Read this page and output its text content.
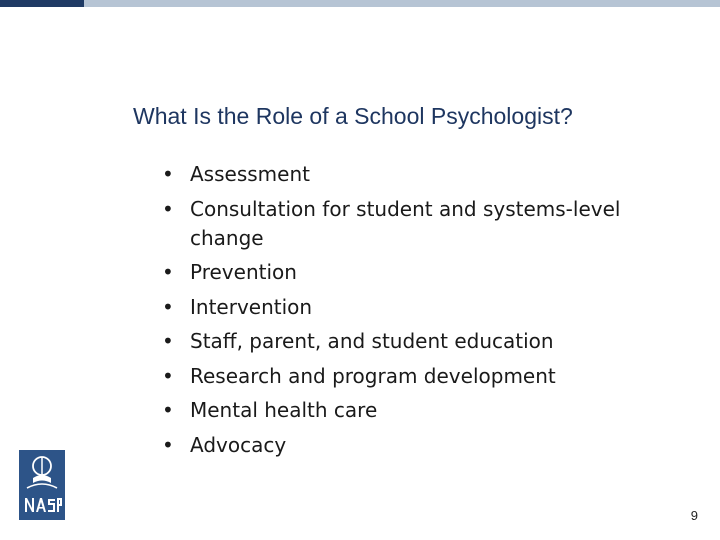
What Is the Role of a School Psychologist?
• Assessment
• Consultation for student and systems-level change
• Prevention
• Intervention
• Staff, parent, and student education
• Research and program development
• Mental health care
• Advocacy
9
